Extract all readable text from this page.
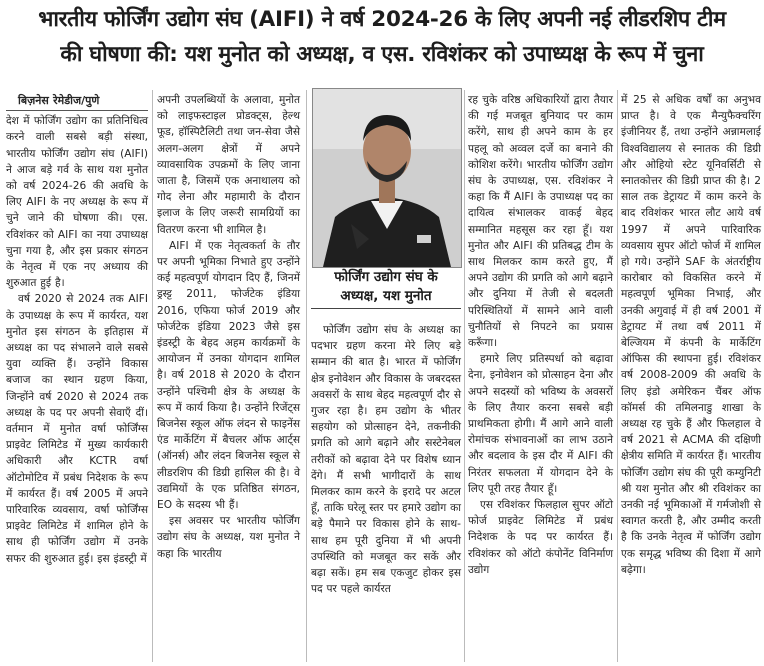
भारतीय फोर्जिंग उद्योग संघ (AIFI) ने वर्ष 2024-26 के लिए अपनी नई लीडरशिप टीम
की घोषणा की: यश मुनोत को अध्यक्ष, व एस. रविशंकर को उपाध्यक्ष के रूप में चुना
बिज़नेस रेमेडीज/पुणे

देश में फोर्जिंग उद्योग का प्रतिनिधित्व करने वाली सबसे बड़ी संस्था, भारतीय फोर्जिंग उद्योग संघ (AIFI) ने आज बड़े गर्व के साथ यश मुनोत को वर्ष 2024-26 की अवधि के लिए AIFI के नए अध्यक्ष के रूप में चुने जाने की घोषणा की। एस. रविशंकर को AIFI का नया उपाध्यक्ष चुना गया है, और इस प्रकार संगठन के नेतृत्व में एक नए अध्याय की शुरुआत हुई है।

वर्ष 2020 से 2024 तक AIFI के उपाध्यक्ष के रूप में कार्यरत, यश मुनोत इस संगठन के इतिहास में अध्यक्ष का पद संभालने वाले सबसे युवा व्यक्ति हैं। उन्होंने विकास बजाज का स्थान ग्रहण किया, जिन्होंने वर्ष 2020 से 2024 तक अध्यक्ष के पद पर अपनी सेवाएँ दीं। वर्तमान में मुनोत वर्षा फोर्जिंग्स प्राइवेट लिमिटेड में मुख्य कार्यकारी अधिकारी और KCTR वर्षा ऑटोमोटिव में प्रबंध निदेशक के रूप में कार्यरत हैं। वर्ष 2005 में अपने पारिवारिक व्यवसाय, वर्षा फोर्जिंग्स प्राइवेट लिमिटेड में शामिल होने के साथ ही फोर्जिंग उद्योग में उनके सफर की शुरुआत हुई। इस इंडस्ट्री में

अपनी उपलब्धियों के अलावा, मुनोत को लाइफस्टाइल प्रोडक्ट्स, हेल्थ फूड, हॉस्पिटैलिटी तथा जन-सेवा जैसे अलग-अलग क्षेत्रों में अपने व्यावसायिक उपक्रमों के लिए जाना जाता है, जिसमें एक अनाथालय को गोद लेना और महामारी के दौरान इलाज के लिए जरूरी सामग्रियों का वितरण करना भी शामिल है।

AIFI में एक नेतृत्वकर्ता के तौर पर अपनी भूमिका निभाते हुए उन्होंने कई महत्वपूर्ण योगदान दिए हैं, जिनमें ड्रस्ट्ट 2011, फोर्जटेक इंडिया 2016, एफिया फोर्ज 2019 और फोर्जटेक इंडिया 2023 जैसे इस इंडस्ट्री के बेहद अहम कार्यक्रमों के आयोजन में उनका योगदान शामिल है। वर्ष 2018 से 2020 के दौरान उन्होंने पश्चिमी क्षेत्र के अध्यक्ष के रूप में कार्य किया है। उन्होंने रिजेंट्स बिजनेस स्कूल ऑफ लंदन से फाइनेंस एंड मार्केटिंग में बैचलर ऑफ आर्ट्स (ऑनर्स) और लंदन बिजनेस स्कूल से लीडरशिप की डिग्री हासिल की है। वे उद्यमियों के एक प्रतिष्ठित संगठन, EO के सदस्य भी हैं।

इस अवसर पर भारतीय फोर्जिंग उद्योग संघ के अध्यक्ष, यश मुनोत ने कहा कि भारतीय

फोर्जिंग उद्योग संघ के
अध्यक्ष, यश मुनोत

फोर्जिंग उद्योग संघ के अध्यक्ष का पदभार ग्रहण करना मेरे लिए बड़े सम्मान की बात है। भारत में फोर्जिंग क्षेत्र इनोवेशन और विकास के जबरदस्त अवसरों के साथ बेहद महत्वपूर्ण दौर से गुजर रहा है। हम उद्योग के भीतर सहयोग को प्रोत्साहन देने, तकनीकी प्रगति को आगे बढ़ाने और सस्टेनेबल तरीकों को बढ़ावा देने पर विशेष ध्यान देंगे। मैं सभी भागीदारों के साथ मिलकर काम करने के इरादे पर अटल हूँ, ताकि घरेलू स्तर पर हमारे उद्योग का बड़े पैमाने पर विकास होने के साथ-साथ हम पूरी दुनिया में भी अपनी उपस्थिति को मजबूत कर सकें और बढ़ा सकें। हम सब एकजुट होकर इस पद पर पहले कार्यरत

रह चुके वरिष्ठ अधिकारियों द्वारा तैयार की गई मजबूत बुनियाद पर काम करेंगे, साथ ही अपने काम के हर पहलू को अव्वल दर्जे का बनाने की कोशिश करेंगे। भारतीय फोर्जिंग उद्योग संघ के उपाध्यक्ष, एस. रविशंकर ने कहा कि मैं AIFI के उपाध्यक्ष पद का दायित्व संभालकर वाकई बेहद सम्मानित महसूस कर रहा हूँ। यश मुनोत और AIFI की प्रतिबद्ध टीम के साथ मिलकर काम करते हुए, मैं अपने उद्योग की प्रगति को आगे बढ़ाने और दुनिया में तेजी से बदलती परिस्थितियों में सामने आने वाली चुनौतियों से निपटने का प्रयास करूँगा।

हमारे लिए प्रतिस्पर्धा को बढ़ावा देना, इनोवेशन को प्रोत्साहन देना और अपने सदस्यों को भविष्य के अवसरों के लिए तैयार करना सबसे बड़ी प्राथमिकता होगी। मैं आगे आने वाली रोमांचक संभावनाओं का लाभ उठाने और बदलाव के इस दौर में AIFI की निरंतर सफलता में योगदान देने के लिए पूरी तरह तैयार हूँ।

एस रविशंकर फिलहाल सुपर ऑटो फोर्ज प्राइवेट लिमिटेड में प्रबंध निदेशक के पद पर कार्यरत हैं। रविशंकर को ऑटो कंपोनेंट विनिर्माण उद्योग

में 25 से अधिक वर्षों का अनुभव प्राप्त है। वे एक मैन्युफैक्चरिंग इंजीनियर हैं, तथा उन्होंने अन्नामलाई विश्वविद्यालय से स्नातक की डिग्री और ओहियो स्टेट यूनिवर्सिटी से स्नातकोत्तर की डिग्री प्राप्त की है। 2 साल तक डेट्रायट में काम करने के बाद रविशंकर भारत लौट आये वर्ष 1997 में अपने पारिवारिक व्यवसाय सुपर ऑटो फोर्ज में शामिल हो गये। उन्होंने SAF के अंतर्राष्ट्रीय कारोबार को विकसित करने में महत्वपूर्ण भूमिका निभाई, और उनकी अगुवाई में ही वर्ष 2001 में डेट्रायट में तथा वर्ष 2011 में बेल्जियम में कंपनी के मार्केटिंग ऑफिस की स्थापना हुई। रविशंकर वर्ष 2008-2009 की अवधि के लिए इंडो अमेरिकन चैंबर ऑफ कॉमर्स की तमिलनाडु शाखा के अध्यक्ष रह चुके हैं और फिलहाल वे वर्ष 2021 से ACMA की दक्षिणी क्षेत्रीय समिति में कार्यरत हैं। भारतीय फोर्जिंग उद्योग संघ की पूरी कम्युनिटी श्री यश मुनोत और श्री रविशंकर का उनकी नई भूमिकाओं में गर्मजोशी से स्वागत करती है, और उम्मीद करती है कि उनके नेतृत्व में फोर्जिंग उद्योग एक समृद्ध भविष्य की दिशा में आगे बढ़ेगा।
